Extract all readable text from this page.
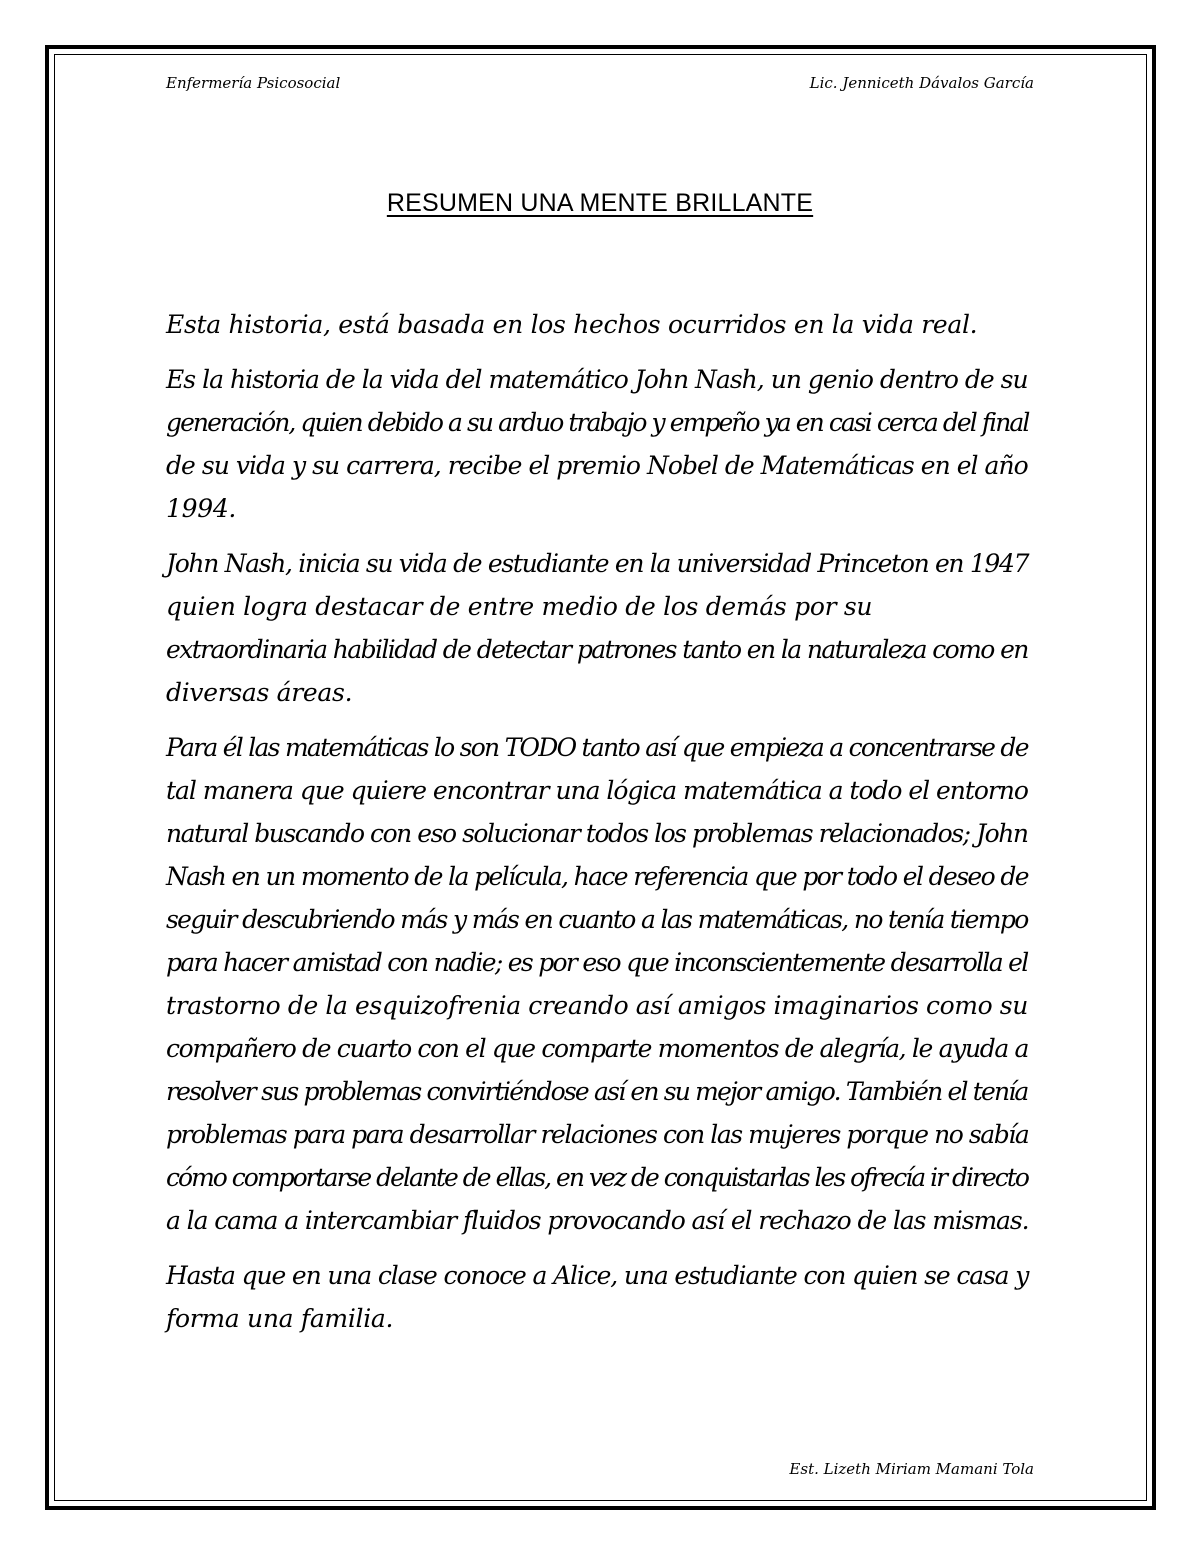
Enfermería Psicosocial	Lic. Jenniceth Dávalos García
RESUMEN UNA MENTE BRILLANTE

Esta historia, está basada en los hechos ocurridos en la vida real.

Es la historia de la vida del matemático John Nash, un genio dentro de su
generación, quien debido a su arduo trabajo y empeño ya en casi cerca del final
de su vida y su carrera, recibe el premio Nobel de Matemáticas en el año
1994.

John Nash, inicia su vida de estudiante en la universidad Princeton en 1947
quien logra destacar de entre medio de los demás por su
extraordinaria habilidad de detectar patrones tanto en la naturaleza como en
diversas áreas.

Para él las matemáticas lo son TODO tanto así que empieza a concentrarse de
tal manera que quiere encontrar una lógica matemática a todo el entorno
natural buscando con eso solucionar todos los problemas relacionados; John
Nash en un momento de la película, hace referencia que por todo el deseo de
seguir descubriendo más y más en cuanto a las matemáticas, no tenía tiempo
para hacer amistad con nadie; es por eso que inconscientemente desarrolla el
trastorno de la esquizofrenia creando así amigos imaginarios como su
compañero de cuarto con el que comparte momentos de alegría, le ayuda a
resolver sus problemas convirtiéndose así en su mejor amigo. También el tenía
problemas para para desarrollar relaciones con las mujeres porque no sabía
cómo comportarse delante de ellas, en vez de conquistarlas les ofrecía ir directo
a la cama a intercambiar fluidos provocando así el rechazo de las mismas.

Hasta que en una clase conoce a Alice, una estudiante con quien se casa y
forma una familia.

Est. Lizeth Miriam Mamani Tola
